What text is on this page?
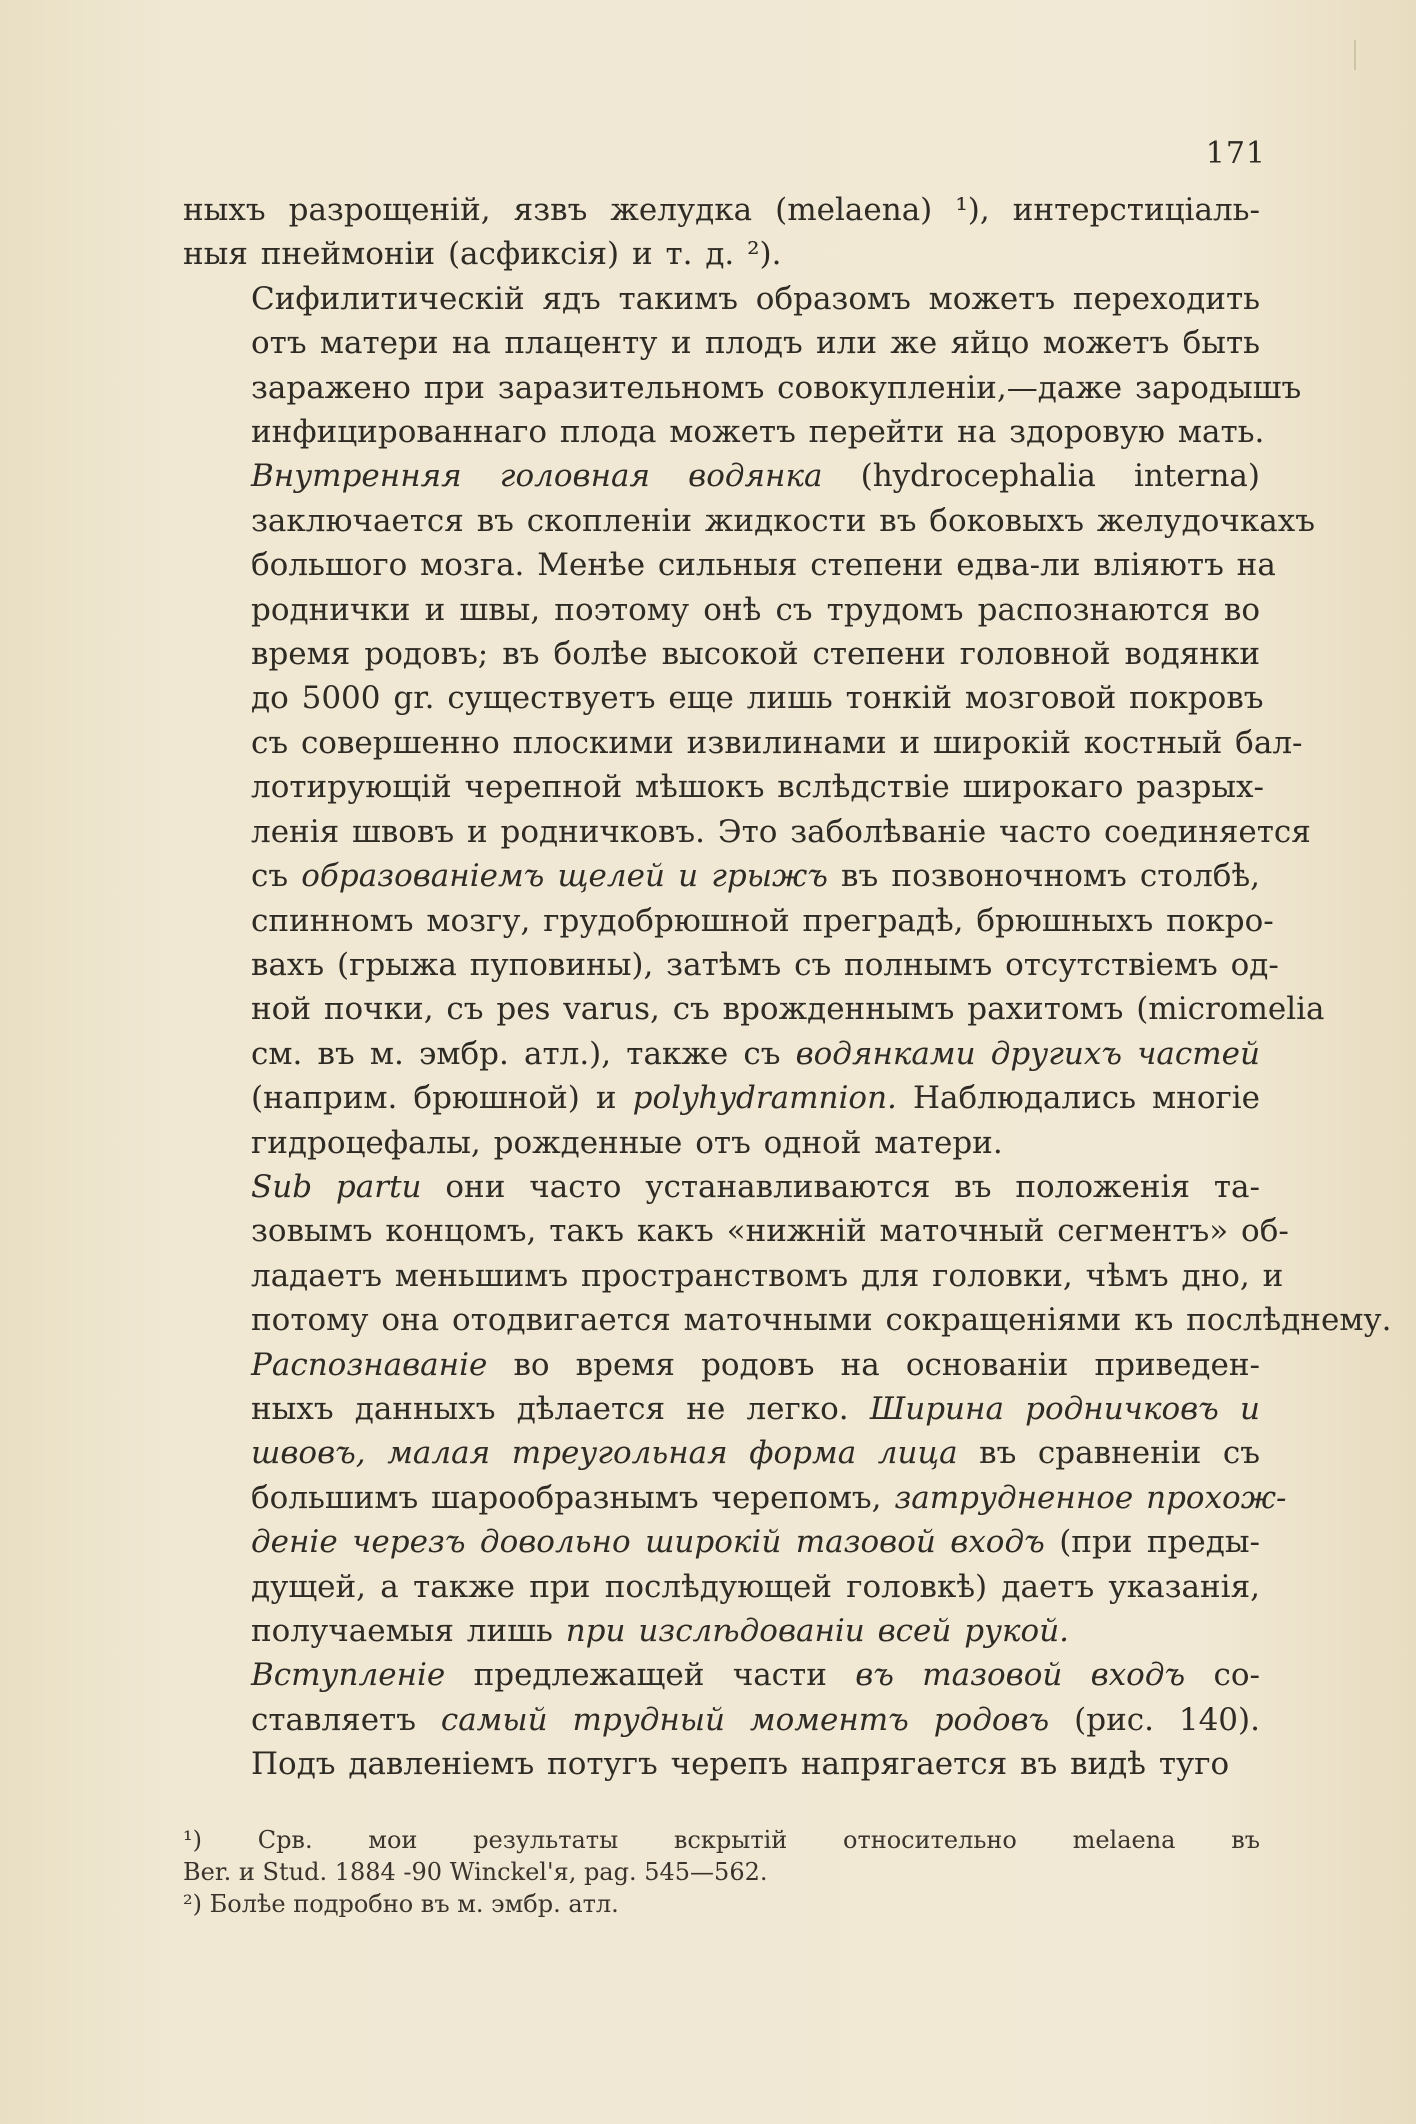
171
ныхъ разрощеній, язвъ желудка (melaena) ¹), интерстиціаль-
ныя пнеймоніи (асфиксія) и т. д. ²).
Сифилитическій ядъ такимъ образомъ можетъ переходить
отъ матери на плаценту и плодъ или же яйцо можетъ быть
заражено при заразительномъ совокупленіи,—даже зародышъ
инфицированнаго плода можетъ перейти на здоровую мать.
Внутренняя головная водянка (hydrocephalia interna)
заключается въ скопленіи жидкости въ боковыхъ желудочкахъ
большого мозга. Менѣе сильныя степени едва-ли вліяютъ на
роднички и швы, поэтому онѣ съ трудомъ распознаются во
время родовъ; въ болѣе высокой степени головной водянки
до 5000 gr. существуетъ еще лишь тонкій мозговой покровъ
съ совершенно плоскими извилинами и широкій костный бал-
лотирующій черепной мѣшокъ вслѣдствіе широкаго разрых-
ленія швовъ и родничковъ. Это заболѣваніе часто соединяется
съ образованіемъ щелей и грыжъ въ позвоночномъ столбѣ,
спинномъ мозгу, грудобрюшной преградѣ, брюшныхъ покро-
вахъ (грыжа пуповины), затѣмъ съ полнымъ отсутствіемъ од-
ной почки, съ pes varus, съ врожденнымъ рахитомъ (micromelia
см. въ м. эмбр. атл.), также съ водянками другихъ частей
(наприм. брюшной) и polyhydramnion. Наблюдались многіе
гидроцефалы, рожденные отъ одной матери.
Sub partu они часто устанавливаются въ положенія та-
зовымъ концомъ, такъ какъ «нижній маточный сегментъ» об-
ладаетъ меньшимъ пространствомъ для головки, чѣмъ дно, и
потому она отодвигается маточными сокращеніями къ послѣднему.
Распознаваніе во время родовъ на основаніи приведен-
ныхъ данныхъ дѣлается не легко. Ширина родничковъ и
швовъ, малая треугольная форма лица въ сравненіи съ
большимъ шарообразнымъ черепомъ, затрудненное прохож-
деніе черезъ довольно широкій тазовой входъ (при преды-
дущей, а также при послѣдующей головкѣ) даетъ указанія,
получаемыя лишь при изслѣдованіи всей рукой.
Вступленіе предлежащей части въ тазовой входъ со-
ставляетъ самый трудный моментъ родовъ (рис. 140).
Подъ давленіемъ потугъ черепъ напрягается въ видѣ туго
¹) Срв. мои результаты вскрытій относительно melaena въ
Ber. и Stud. 1884 -90 Winckel'я, pag. 545—562.
²) Болѣе подробно въ м. эмбр. атл.
